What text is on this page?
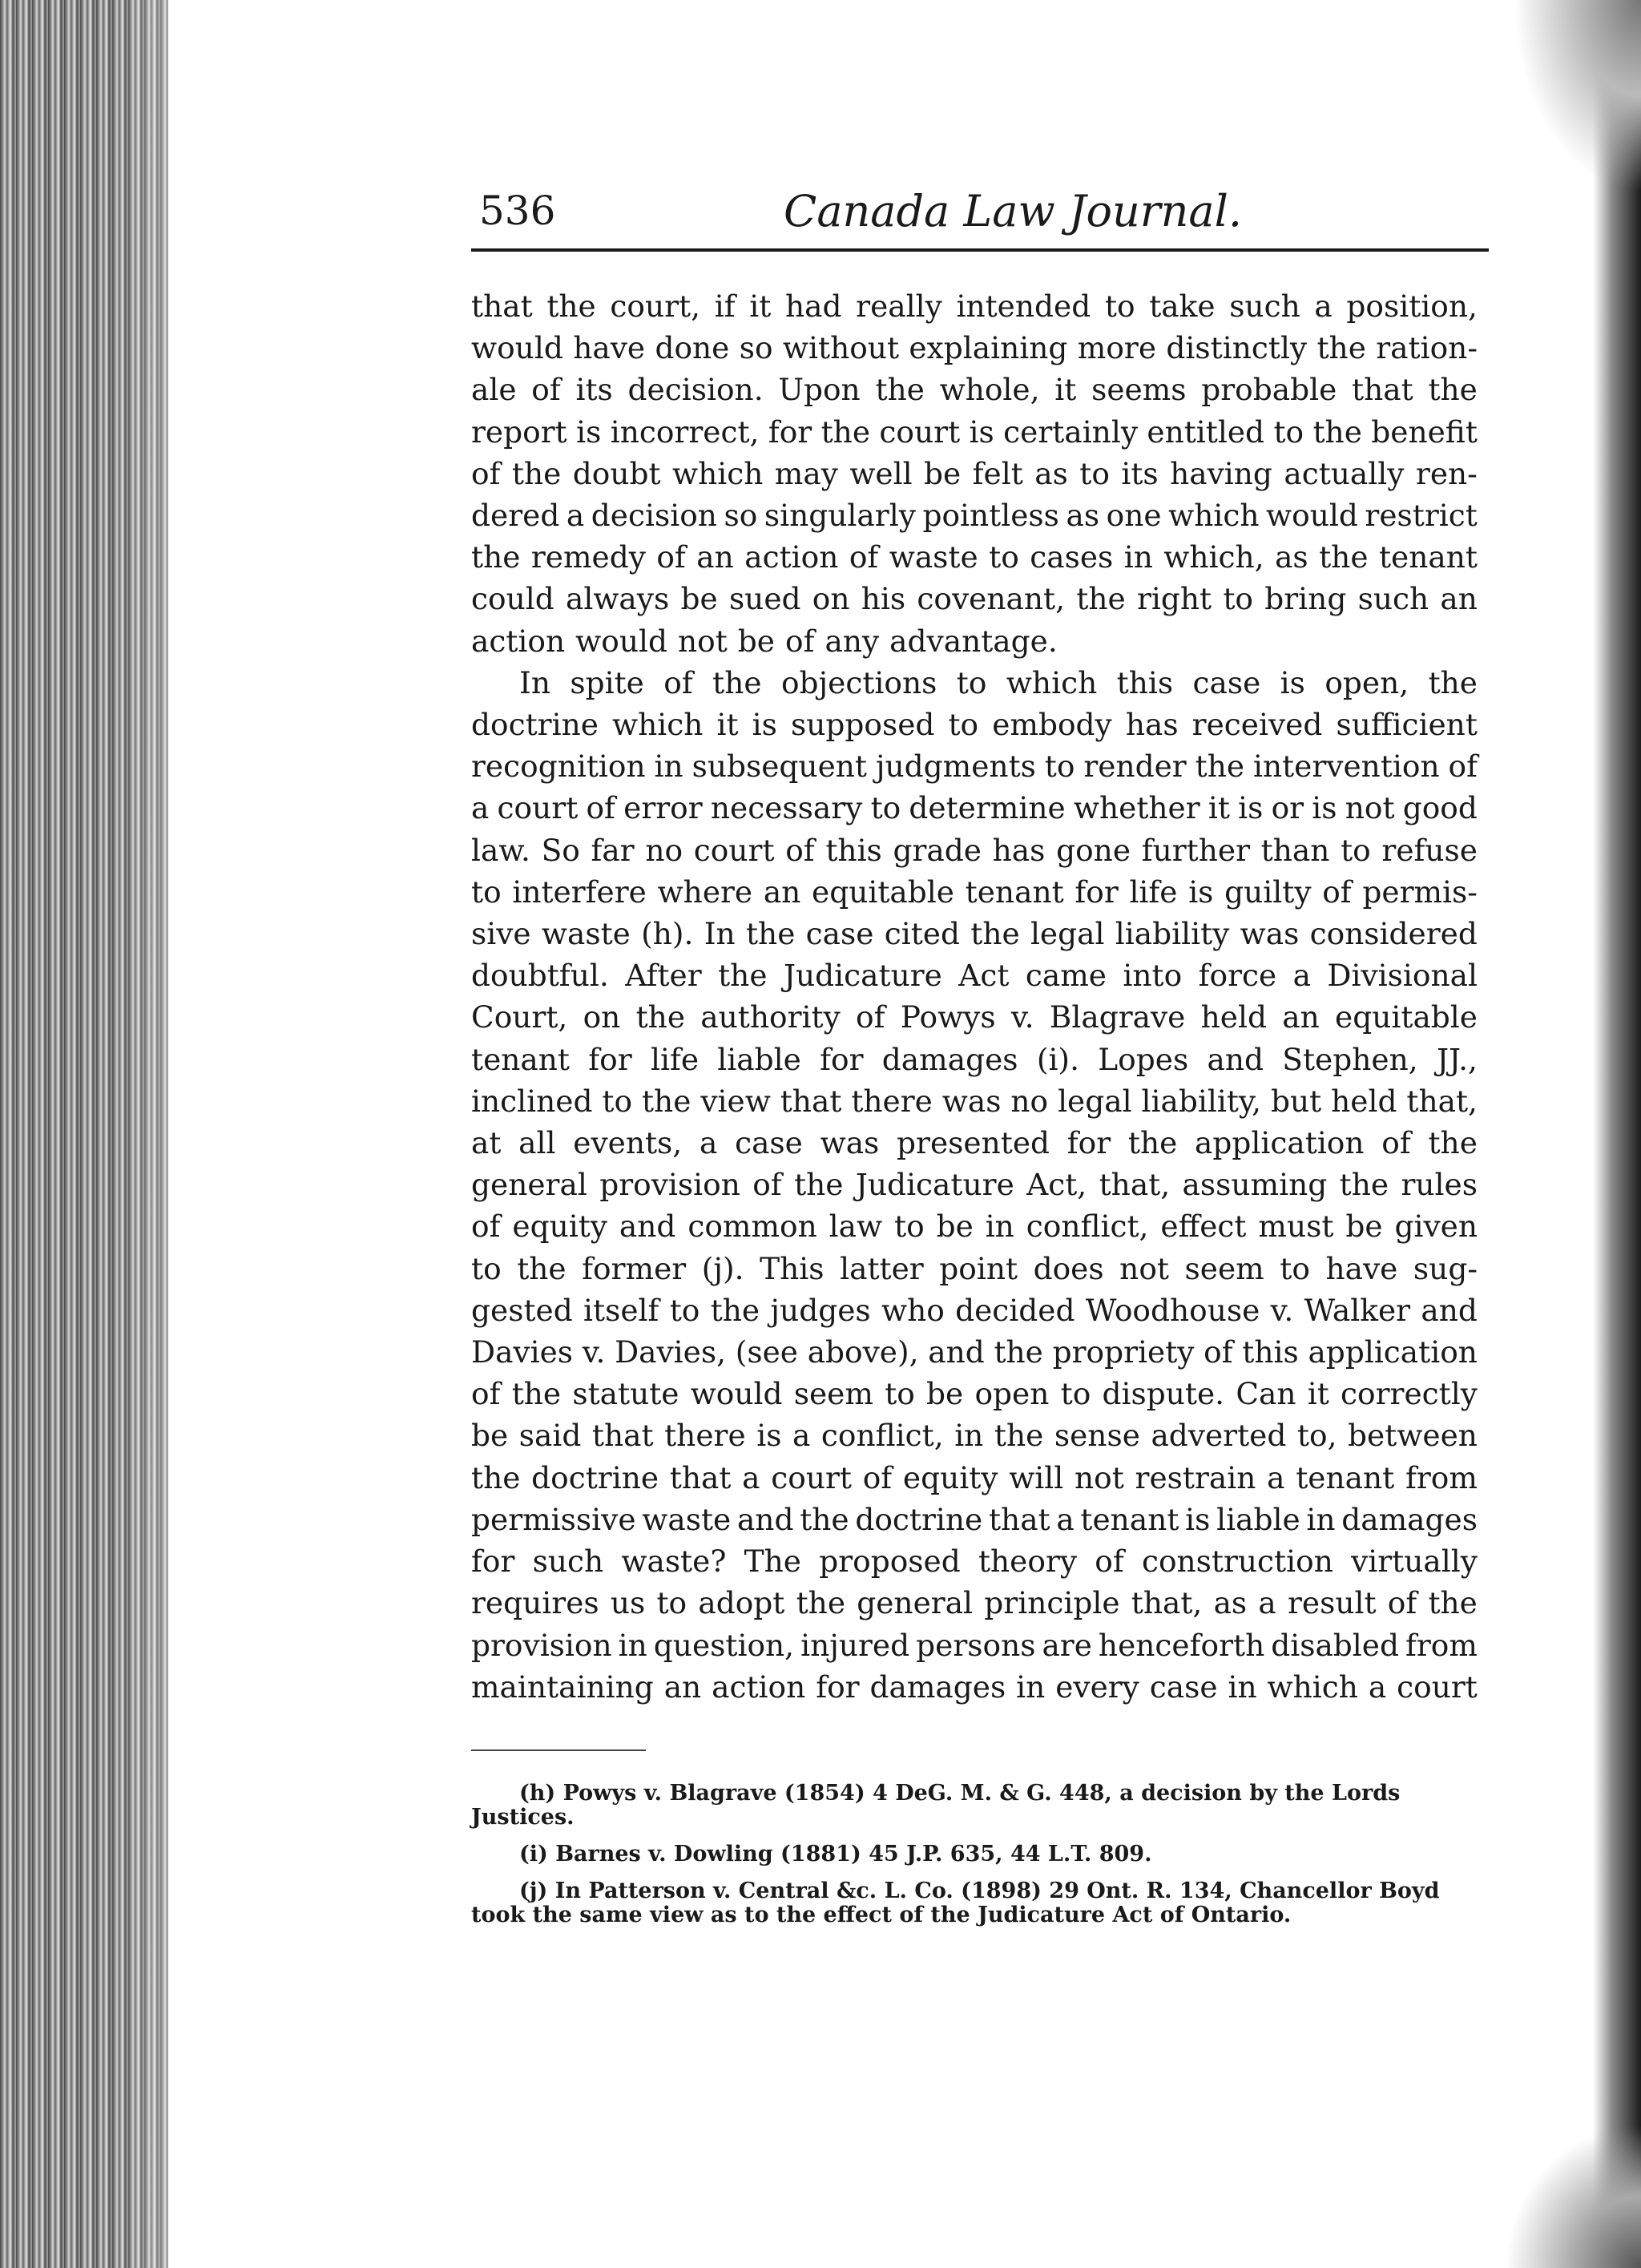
536	Canada Law Journal.
that the court, if it had really intended to take such a position,
would have done so without explaining more distinctly the ration-
ale of its decision. Upon the whole, it seems probable that the
report is incorrect, for the court is certainly entitled to the benefit
of the doubt which may well be felt as to its having actually ren-
dered a decision so singularly pointless as one which would restrict
the remedy of an action of waste to cases in which, as the tenant
could always be sued on his covenant, the right to bring such an
action would not be of any advantage.
In spite of the objections to which this case is open, the
doctrine which it is supposed to embody has received sufficient
recognition in subsequent judgments to render the intervention of
a court of error necessary to determine whether it is or is not good
law. So far no court of this grade has gone further than to refuse
to interfere where an equitable tenant for life is guilty of permis-
sive waste (h). In the case cited the legal liability was considered
doubtful. After the Judicature Act came into force a Divisional
Court, on the authority of Powys v. Blagrave held an equitable
tenant for life liable for damages (i). Lopes and Stephen, JJ.,
inclined to the view that there was no legal liability, but held that,
at all events, a case was presented for the application of the
general provision of the Judicature Act, that, assuming the rules
of equity and common law to be in conflict, effect must be given
to the former (j). This latter point does not seem to have sug-
gested itself to the judges who decided Woodhouse v. Walker and
Davies v. Davies, (see above), and the propriety of this application
of the statute would seem to be open to dispute. Can it correctly
be said that there is a conflict, in the sense adverted to, between
the doctrine that a court of equity will not restrain a tenant from
permissive waste and the doctrine that a tenant is liable in damages
for such waste? The proposed theory of construction virtually
requires us to adopt the general principle that, as a result of the
provision in question, injured persons are henceforth disabled from
maintaining an action for damages in every case in which a court
(h) Powys v. Blagrave (1854) 4 DeG. M. & G. 448, a decision by the Lords
Justices.
(i) Barnes v. Dowling (1881) 45 J.P. 635, 44 L.T. 809.
(j) In Patterson v. Central &c. L. Co. (1898) 29 Ont. R. 134, Chancellor Boyd
took the same view as to the effect of the Judicature Act of Ontario.
